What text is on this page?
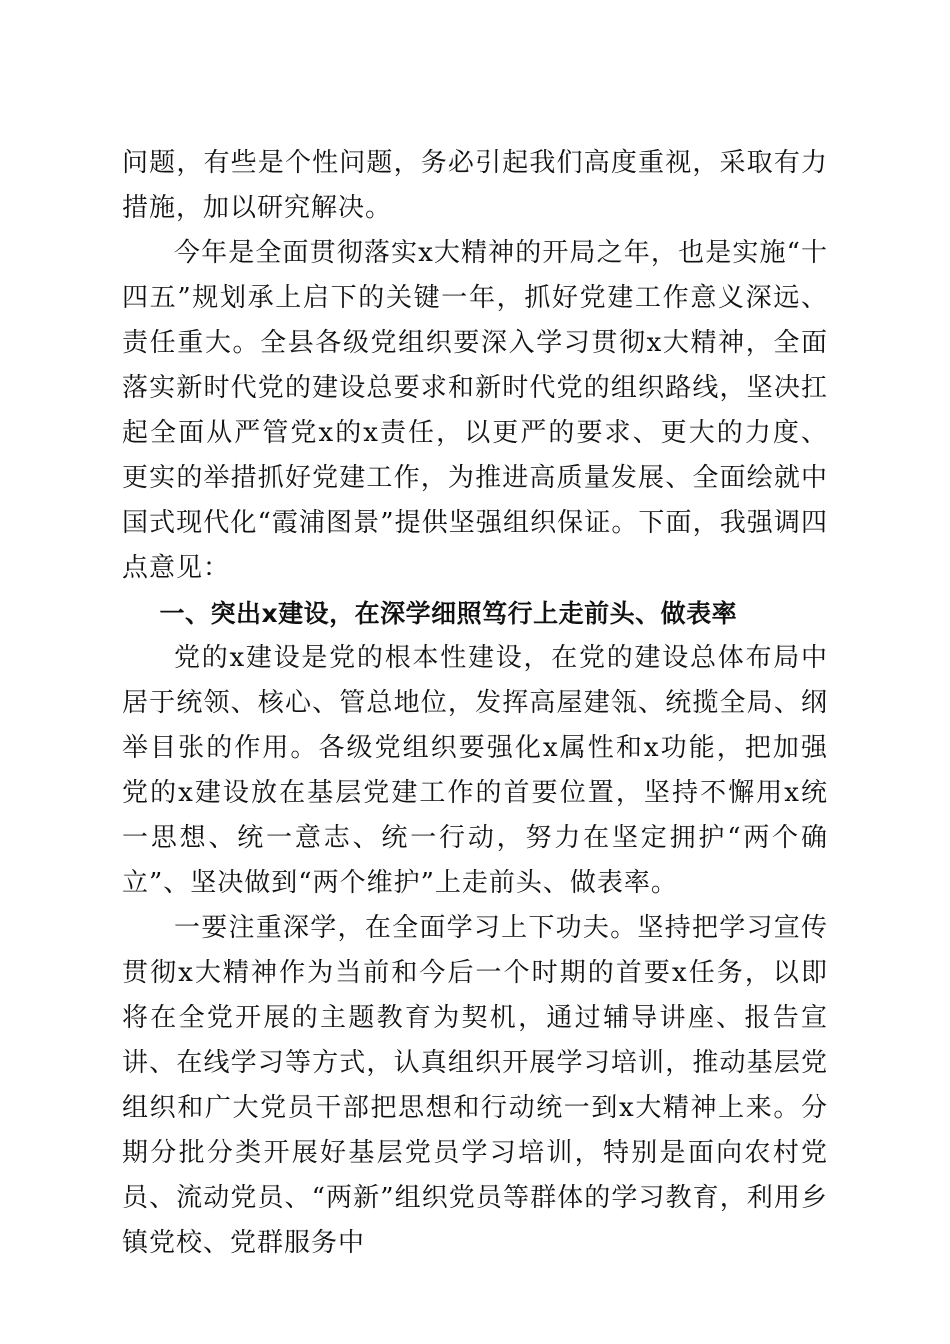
问题，有些是个性问题，务必引起我们高度重视，采取有力措施，加以研究解决。

今年是全面贯彻落实x大精神的开局之年，也是实施“十四五”规划承上启下的关键一年，抓好党建工作意义深远、责任重大。全县各级党组织要深入学习贯彻x大精神，全面落实新时代党的建设总要求和新时代党的组织路线，坚决扛起全面从严管党x的x责任，以更严的要求、更大的力度、更实的举措抓好党建工作，为推进高质量发展、全面绘就中国式现代化“霞浦图景”提供坚强组织保证。下面，我强调四点意见：

一、突出x建设，在深学细照笃行上走前头、做表率

党的x建设是党的根本性建设，在党的建设总体布局中居于统领、核心、管总地位，发挥高屋建瓴、统揽全局、纲举目张的作用。各级党组织要强化x属性和x功能，把加强党的x建设放在基层党建工作的首要位置，坚持不懈用x统一思想、统一意志、统一行动，努力在坚定拥护“两个确立”、坚决做到“两个维护”上走前头、做表率。

一要注重深学，在全面学习上下功夫。坚持把学习宣传贯彻x大精神作为当前和今后一个时期的首要x任务，以即将在全党开展的主题教育为契机，通过辅导讲座、报告宣讲、在线学习等方式，认真组织开展学习培训，推动基层党组织和广大党员干部把思想和行动统一到x大精神上来。分期分批分类开展好基层党员学习培训，特别是面向农村党员、流动党员、“两新”组织党员等群体的学习教育，利用乡镇党校、党群服务中
